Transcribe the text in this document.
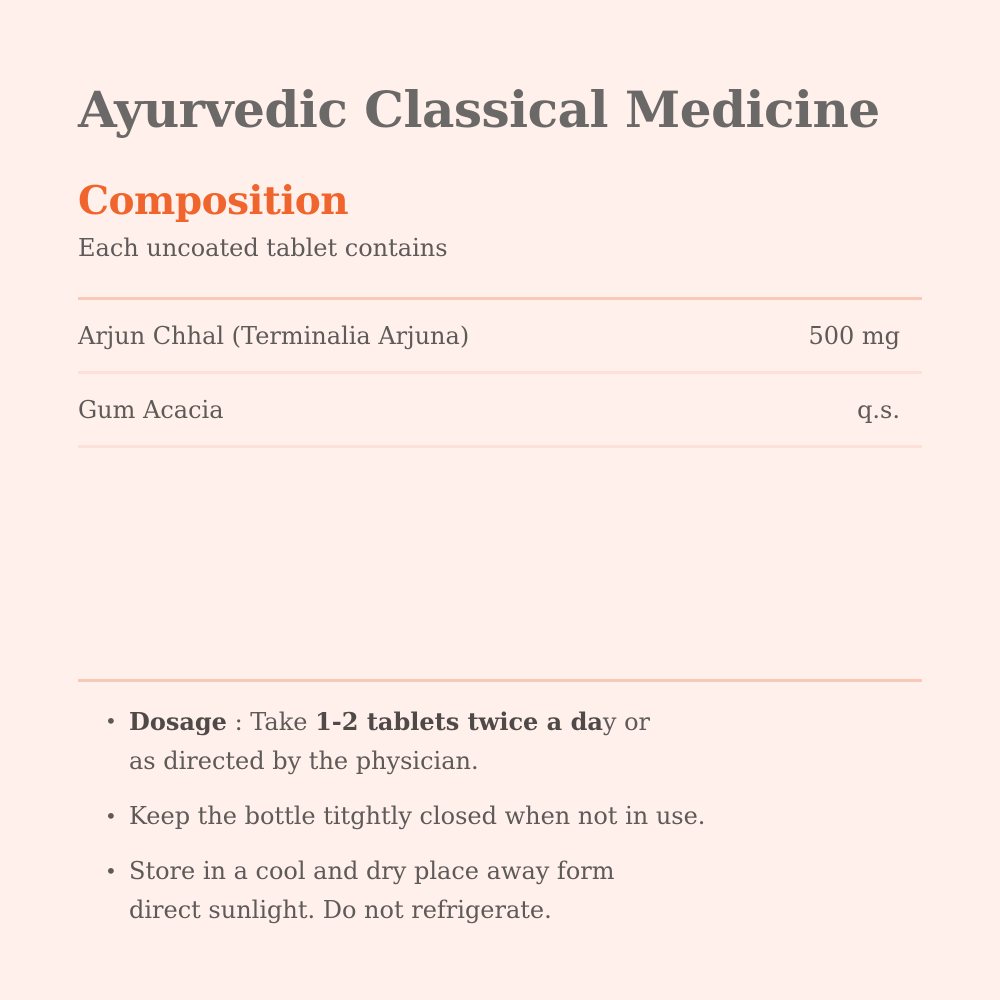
Ayurvedic Classical Medicine
Composition
Each uncoated tablet contains
Arjun Chhal (Terminalia Arjuna)	500 mg
Gum Acacia	q.s.
• Dosage : Take 1-2 tablets twice a day or
as directed by the physician.
• Keep the bottle titghtly closed when not in use.
• Store in a cool and dry place away form
direct sunlight. Do not refrigerate.
